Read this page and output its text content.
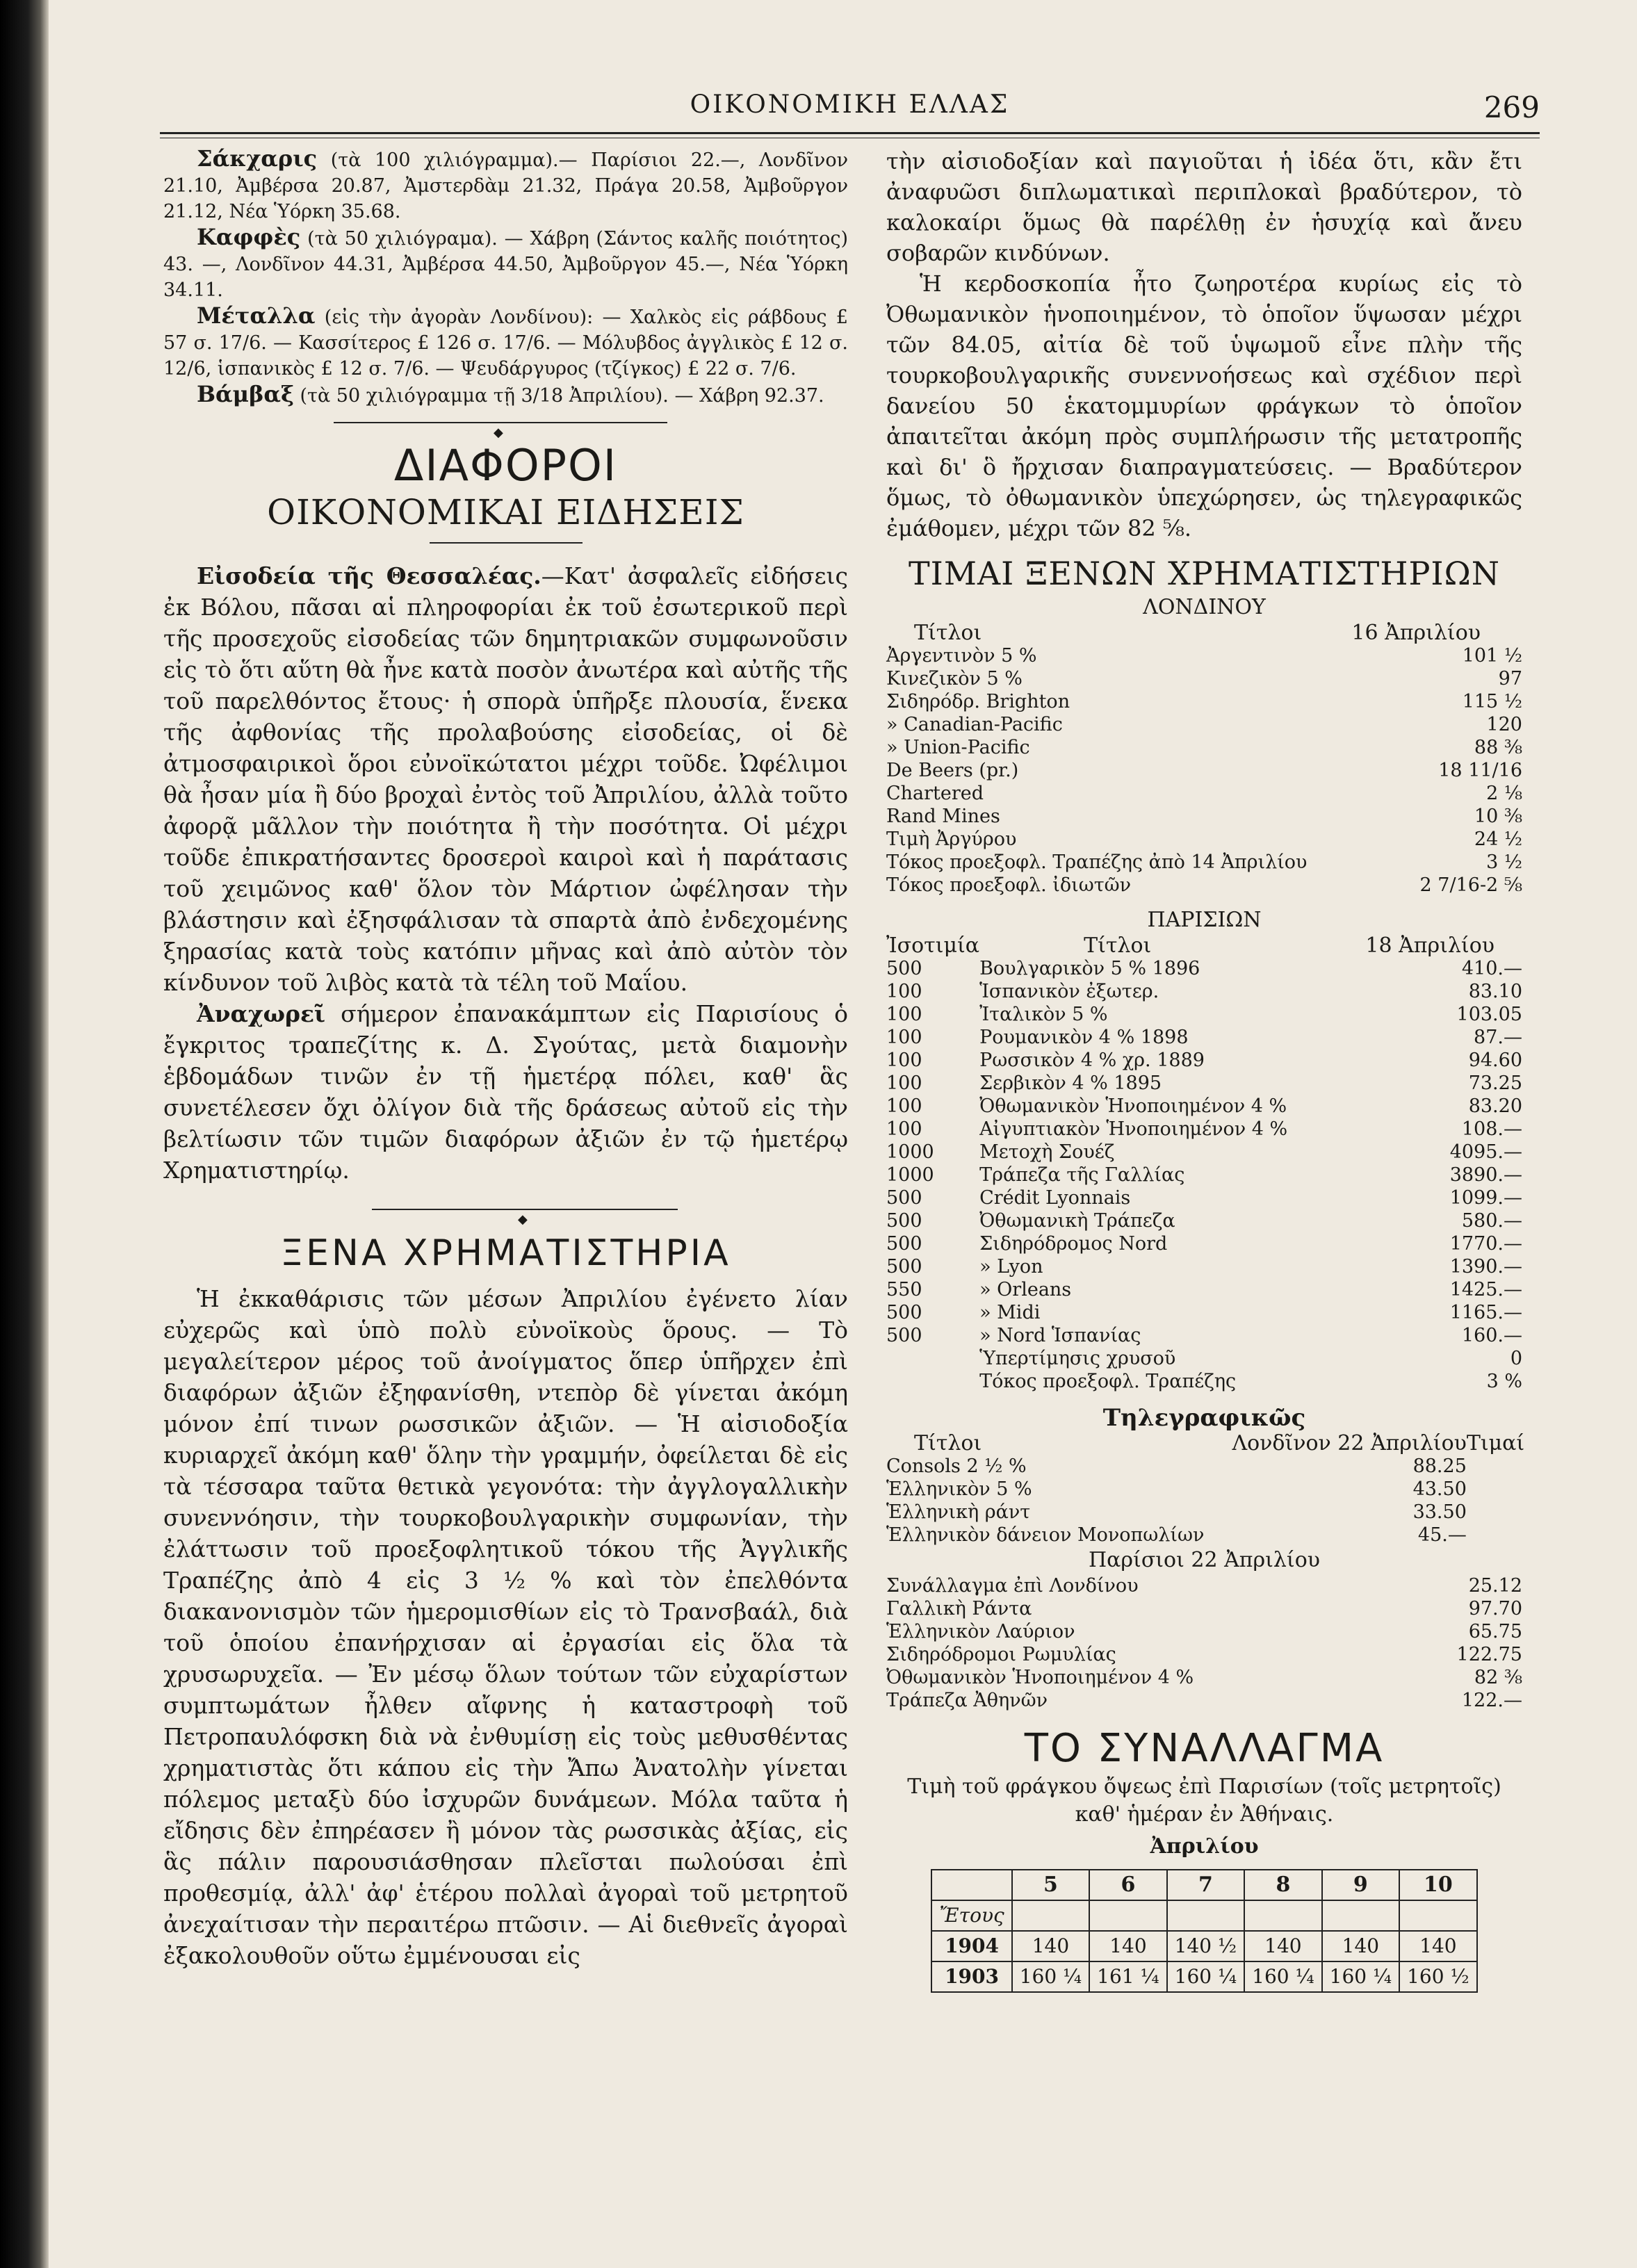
ΟΙΚΟΝΟΜΙΚΗ ΕΛΛΑΣ	269

Σάκχαρις (τὰ 100 χιλιόγραμμα).— Παρίσιοι 22.—, Λονδῖνον 21.10, Ἀμβέρσα 20.87, Ἀμστερδὰμ 21.32, Πράγα 20.58, Ἀμβοῦργον 21.12, Νέα Ὑόρκη 35.68.

Καφφὲς (τὰ 50 χιλιόγραμα). — Χάβρη (Σάντος καλῆς ποιότητος) 43. —, Λονδῖνον 44.31, Ἀμβέρσα 44.50, Ἀμβοῦργον 45.—, Νέα Ὑόρκη 34.11.

Μέταλλα (εἰς τὴν ἀγορὰν Λονδίνου): — Χαλκὸς εἰς ράβδους £ 57 σ. 17/6. — Κασσίτερος £ 126 σ. 17/6. — Μόλυβδος ἀγγλικὸς £ 12 σ. 12/6, ἱσπανικὸς £ 12 σ. 7/6. — Ψευδάργυρος (τζίγκος) £ 22 σ. 7/6.

Βάμβαξ (τὰ 50 χιλιόγραμμα τῇ 3/18 Ἀπριλίου). — Χάβρη 92.37.

◆
ΔΙΑΦΟΡΟΙ
ΟΙΚΟΝΟΜΙΚΑΙ ΕΙΔΗΣΕΙΣ

Εἰσοδεία τῆς Θεσσαλέας.—Κατ' ἀσφαλεῖς εἰδήσεις ἐκ Βόλου, πᾶσαι αἱ πληροφορίαι ἐκ τοῦ ἐσωτερικοῦ περὶ τῆς προσεχοῦς εἰσοδείας τῶν δημητριακῶν συμφωνοῦσιν εἰς τὸ ὅτι αὕτη θὰ ἦνε κατὰ ποσὸν ἀνωτέρα καὶ αὐτῆς τῆς τοῦ παρελθόντος ἔτους· ἡ σπορὰ ὑπῆρξε πλουσία, ἕνεκα τῆς ἀφθονίας τῆς προλαβούσης εἰσοδείας, οἱ δὲ ἀτμοσφαιρικοὶ ὅροι εὐνοϊκώτατοι μέχρι τοῦδε. Ὠφέλιμοι θὰ ἦσαν μία ἢ δύο βροχαὶ ἐντὸς τοῦ Ἀπριλίου, ἀλλὰ τοῦτο ἀφορᾷ μᾶλλον τὴν ποιότητα ἢ τὴν ποσότητα. Οἱ μέχρι τοῦδε ἐπικρατήσαντες δροσεροὶ καιροὶ καὶ ἡ παράτασις τοῦ χειμῶνος καθ' ὅλον τὸν Μάρτιον ὠφέλησαν τὴν βλάστησιν καὶ ἐξησφάλισαν τὰ σπαρτὰ ἀπὸ ἐνδεχομένης ξηρασίας κατὰ τοὺς κατόπιν μῆνας καὶ ἀπὸ αὐτὸν τὸν κίνδυνον τοῦ λιβὸς κατὰ τὰ τέλη τοῦ Μαΐου.

Ἀναχωρεῖ σήμερον ἐπανακάμπτων εἰς Παρισίους ὁ ἔγκριτος τραπεζίτης κ. Δ. Σγούτας, μετὰ διαμονὴν ἑβδομάδων τινῶν ἐν τῇ ἡμετέρᾳ πόλει, καθ' ἃς συνετέλεσεν ὄχι ὀλίγον διὰ τῆς δράσεως αὐτοῦ εἰς τὴν βελτίωσιν τῶν τιμῶν διαφόρων ἀξιῶν ἐν τῷ ἡμετέρῳ Χρηματιστηρίῳ.

◆
ΞΕΝΑ ΧΡΗΜΑΤΙΣΤΗΡΙΑ

Ἡ ἐκκαθάρισις τῶν μέσων Ἀπριλίου ἐγένετο λίαν εὐχερῶς καὶ ὑπὸ πολὺ εὐνοϊκοὺς ὅρους. — Τὸ μεγαλείτερον μέρος τοῦ ἀνοίγματος ὅπερ ὑπῆρχεν ἐπὶ διαφόρων ἀξιῶν ἐξηφανίσθη, ντεπὸρ δὲ γίνεται ἀκόμη μόνον ἐπί τινων ρωσσικῶν ἀξιῶν. — Ἡ αἰσιοδοξία κυριαρχεῖ ἀκόμη καθ' ὅλην τὴν γραμμήν, ὀφείλεται δὲ εἰς τὰ τέσσαρα ταῦτα θετικὰ γεγονότα: τὴν ἀγγλογαλλικὴν συνεννόησιν, τὴν τουρκοβουλγαρικὴν συμφωνίαν, τὴν ἐλάττωσιν τοῦ προεξοφλητικοῦ τόκου τῆς Ἀγγλικῆς Τραπέζης ἀπὸ 4 εἰς 3 ½ % καὶ τὸν ἐπελθόντα διακανονισμὸν τῶν ἡμερομισθίων εἰς τὸ Τρανσβαάλ, διὰ τοῦ ὁποίου ἐπανήρχισαν αἱ ἐργασίαι εἰς ὅλα τὰ χρυσωρυχεῖα. — Ἐν μέσῳ ὅλων τούτων τῶν εὐχαρίστων συμπτωμάτων ἦλθεν αἴφνης ἡ καταστροφὴ τοῦ Πετροπαυλόφσκη διὰ νὰ ἐνθυμίσῃ εἰς τοὺς μεθυσθέντας χρηματιστὰς ὅτι κάπου εἰς τὴν Ἄπω Ἀνατολὴν γίνεται πόλεμος μεταξὺ δύο ἰσχυρῶν δυνάμεων. Μόλα ταῦτα ἡ εἴδησις δὲν ἐπηρέασεν ἢ μόνον τὰς ρωσσικὰς ἀξίας, εἰς ἃς πάλιν παρουσιάσθησαν πλεῖσται πωλούσαι ἐπὶ προθεσμίᾳ, ἀλλ' ἀφ' ἑτέρου πολλαὶ ἀγοραὶ τοῦ μετρητοῦ ἀνεχαίτισαν τὴν περαιτέρω πτῶσιν. — Αἱ διεθνεῖς ἀγοραὶ ἐξακολουθοῦν οὕτω ἐμμένουσαι εἰς

τὴν αἰσιοδοξίαν καὶ παγιοῦται ἡ ἰδέα ὅτι, κἂν ἔτι ἀναφυῶσι διπλωματικαὶ περιπλοκαὶ βραδύτερον, τὸ καλοκαίρι ὅμως θὰ παρέλθῃ ἐν ἡσυχίᾳ καὶ ἄνευ σοβαρῶν κινδύνων.

Ἡ κερδοσκοπία ἦτο ζωηροτέρα κυρίως εἰς τὸ Ὀθωμανικὸν ἡνοποιημένον, τὸ ὁποῖον ὕψωσαν μέχρι τῶν 84.05, αἰτία δὲ τοῦ ὑψωμοῦ εἶνε πλὴν τῆς τουρκοβουλγαρικῆς συνεννοήσεως καὶ σχέδιον περὶ δανείου 50 ἑκατομμυρίων φράγκων τὸ ὁποῖον ἀπαιτεῖται ἀκόμη πρὸς συμπλήρωσιν τῆς μετατροπῆς καὶ δι' ὃ ἤρχισαν διαπραγματεύσεις. — Βραδύτερον ὅμως, τὸ ὀθωμανικὸν ὑπεχώρησεν, ὡς τηλεγραφικῶς ἐμάθομεν, μέχρι τῶν 82 ⅝.

ΤΙΜΑΙ ΞΕΝΩΝ ΧΡΗΜΑΤΙΣΤΗΡΙΩΝ
ΛΟΝΔΙΝΟΥ
Τίτλοι	16 Ἀπριλίου
Ἀργεντινὸν 5 %	101 ½
Κινεζικὸν 5 %	97
Σιδηρόδρ. Brighton	115 ½
» Canadian-Pacific	120
» Union-Pacific	88 ⅜
De Beers (pr.)	18 11/16
Chartered	2 ⅛
Rand Mines	10 ⅜
Τιμὴ Ἀργύρου	24 ½
Τόκος προεξοφλ. Τραπέζης ἀπὸ 14 Ἀπριλίου	3 ½
Τόκος προεξοφλ. ἰδιωτῶν	2 7/16-2 ⅝
ΠΑΡΙΣΙΩΝ
Ἰσοτιμία	Τίτλοι	18 Ἀπριλίου
500	Βουλγαρικὸν 5 % 1896	410.—
100	Ἱσπανικὸν ἐξωτερ.	83.10
100	Ἰταλικὸν 5 %	103.05
100	Ρουμανικὸν 4 % 1898	87.—
100	Ρωσσικὸν 4 % χρ. 1889	94.60
100	Σερβικὸν 4 % 1895	73.25
100	Ὀθωμανικὸν Ἡνοποιημένον 4 %	83.20
100	Αἰγυπτιακὸν Ἡνοποιημένον 4 %	108.—
1000	Μετοχὴ Σουέζ	4095.—
1000	Τράπεζα τῆς Γαλλίας	3890.—
500	Crédit Lyonnais	1099.—
500	Ὀθωμανικὴ Τράπεζα	580.—
500	Σιδηρόδρομος Nord	1770.—
500	» Lyon	1390.—
550	» Orleans	1425.—
500	» Midi	1165.—
500	» Nord Ἱσπανίας	160.—
	Ὑπερτίμησις χρυσοῦ	0
	Τόκος προεξοφλ. Τραπέζης	3 %
Τηλεγραφικῶς
Τίτλοι	Λονδῖνον 22 Ἀπριλίου	Τιμαί
Consols 2 ½ %	88.25	
Ἑλληνικὸν 5 %	43.50	
Ἑλληνικὴ ράντ	33.50	
Ἑλληνικὸν δάνειον Μονοπωλίων	45.—	
Παρίσιοι 22 Ἀπριλίου
Συνάλλαγμα ἐπὶ Λονδίνου	25.12
Γαλλικὴ Ράντα	97.70
Ἑλληνικὸν Λαύριον	65.75
Σιδηρόδρομοι Ρωμυλίας	122.75
Ὀθωμανικὸν Ἡνοποιημένον 4 %	82 ⅜
Τράπεζα Ἀθηνῶν	122.—
ΤΟ ΣΥΝΑΛΛΑΓΜΑ
Τιμὴ τοῦ φράγκου ὄψεως ἐπὶ Παρισίων (τοῖς μετρητοῖς) καθ' ἡμέραν ἐν Ἀθήναις.
Ἀπριλίου
	5	6	7	8	9	10
Ἔτους						
1904	140	140	140 ½	140	140	140
1903	160 ¼	161 ¼	160 ¼	160 ¼	160 ¼	160 ½
